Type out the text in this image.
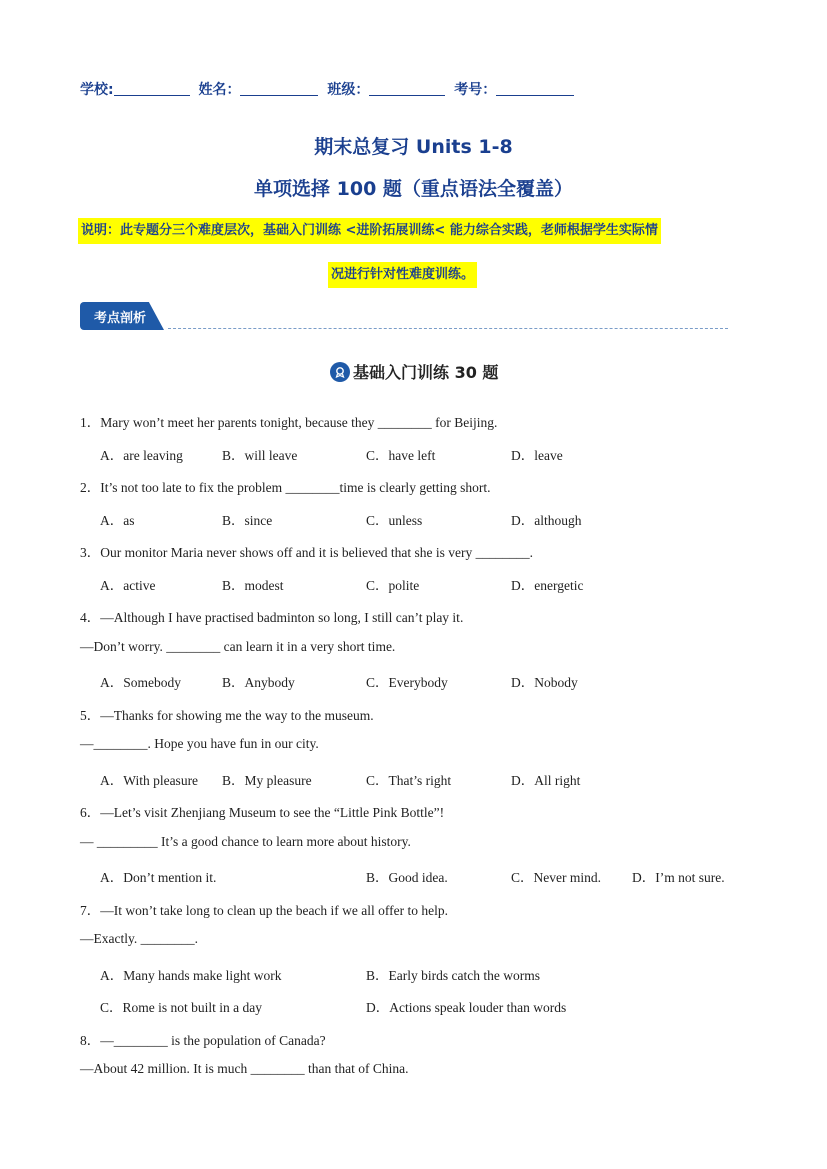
学校:	姓名：	班级：	考号：
期末总复习 Units 1-8
单项选择 100 题（重点语法全覆盖）
说明：此专题分三个难度层次，基础入门训练 <进阶拓展训练< 能力综合实践，老师根据学生实际情
况进行针对性难度训练。
考点剖析
基础入门训练 30 题
1．Mary won’t meet her parents tonight, because they ________ for Beijing.
A．are leaving	B．will leave	C．have left	D．leave
2．It’s not too late to fix the problem ________time is clearly getting short.
A．as	B．since	C．unless	D．although
3．Our monitor Maria never shows off and it is believed that she is very ________.
A．active	B．modest	C．polite	D．energetic
4．—Although I have practised badminton so long, I still can’t play it.
—Don’t worry. ________ can learn it in a very short time.
A．Somebody	B．Anybody	C．Everybody	D．Nobody
5．—Thanks for showing me the way to the museum.
—________. Hope you have fun in our city.
A．With pleasure B．My pleasure	C．That’s right	D．All right
6．—Let’s visit Zhenjiang Museum to see the “Little Pink Bottle”!
— _________ It’s a good chance to learn more about history.
A．Don’t mention it.	B．Good idea.	C．Never mind. D．I’m not sure.
7．—It won’t take long to clean up the beach if we all offer to help.
—Exactly. ________.
A．Many hands make light work	B．Early birds catch the worms
C．Rome is not built in a day	D．Actions speak louder than words
8．—________ is the population of Canada?
—About 42 million. It is much ________ than that of China.
